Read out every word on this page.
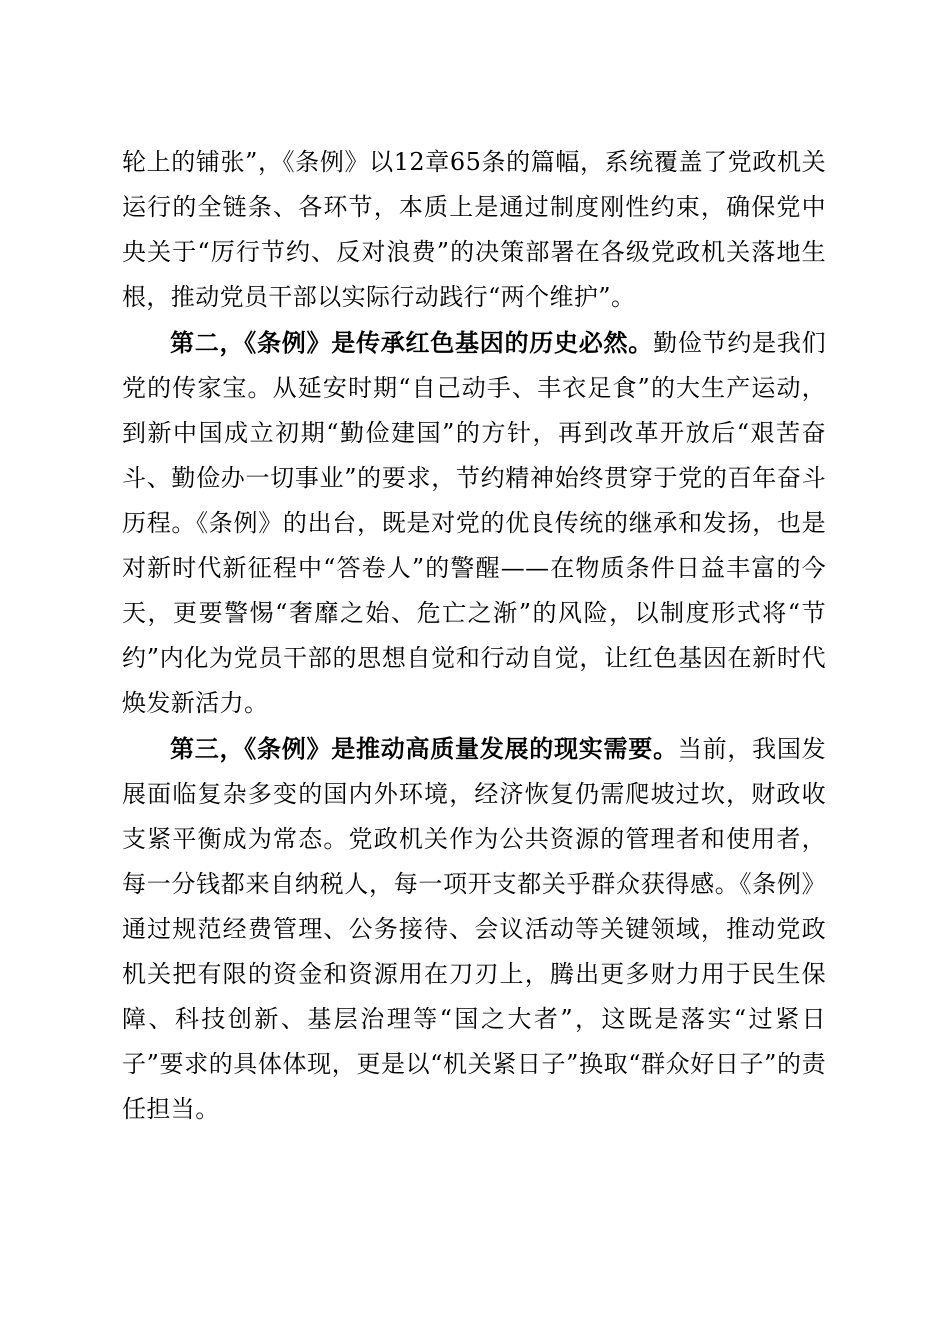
轮上的铺张”，《条例》以12章65条的篇幅，系统覆盖了党政机关运行的全链条、各环节，本质上是通过制度刚性约束，确保党中央关于“厉行节约、反对浪费”的决策部署在各级党政机关落地生根，推动党员干部以实际行动践行“两个维护”。

第二，《条例》是传承红色基因的历史必然。勤俭节约是我们党的传家宝。从延安时期“自己动手、丰衣足食”的大生产运动，到新中国成立初期“勤俭建国”的方针，再到改革开放后“艰苦奋斗、勤俭办一切事业”的要求，节约精神始终贯穿于党的百年奋斗历程。《条例》的出台，既是对党的优良传统的继承和发扬，也是对新时代新征程中“答卷人”的警醒——在物质条件日益丰富的今天，更要警惕“奢靡之始、危亡之渐”的风险，以制度形式将“节约”内化为党员干部的思想自觉和行动自觉，让红色基因在新时代焕发新活力。

第三，《条例》是推动高质量发展的现实需要。当前，我国发展面临复杂多变的国内外环境，经济恢复仍需爬坡过坎，财政收支紧平衡成为常态。党政机关作为公共资源的管理者和使用者，每一分钱都来自纳税人，每一项开支都关乎群众获得感。《条例》通过规范经费管理、公务接待、会议活动等关键领域，推动党政机关把有限的资金和资源用在刀刃上，腾出更多财力用于民生保障、科技创新、基层治理等“国之大者”，这既是落实“过紧日子”要求的具体体现，更是以“机关紧日子”换取“群众好日子”的责任担当。
